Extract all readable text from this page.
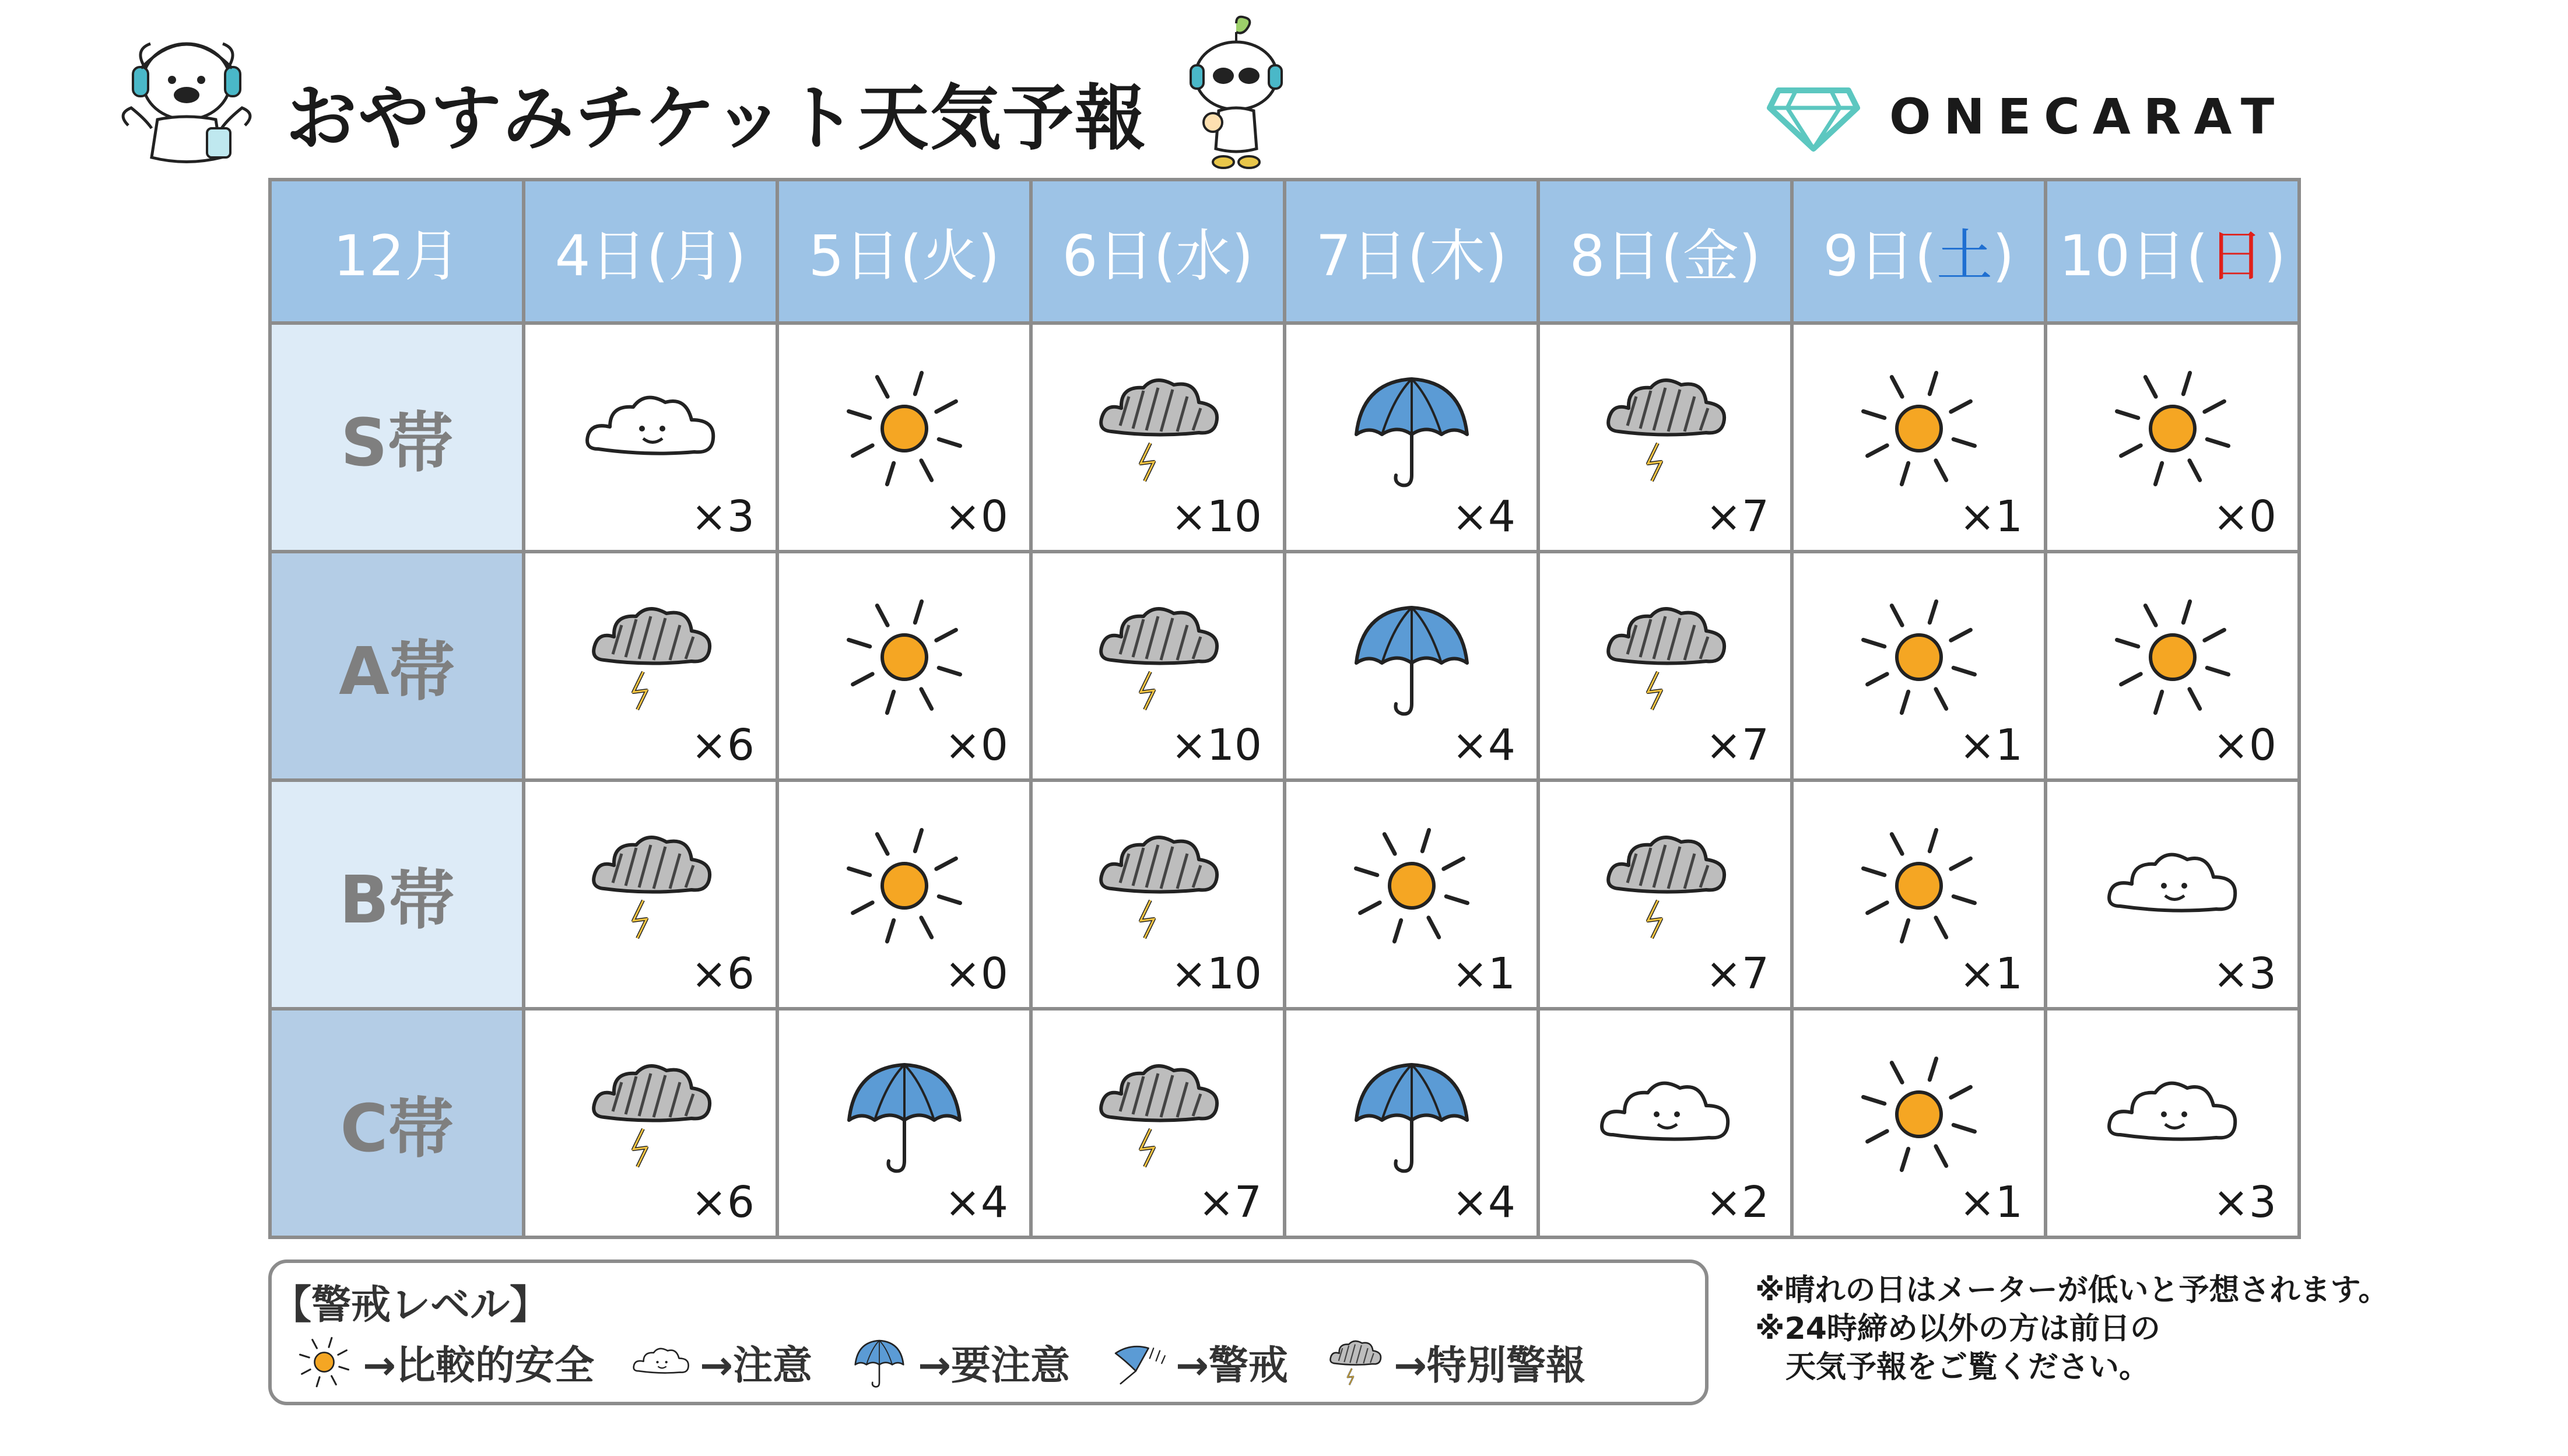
おやすみチケット天気予報	ONECARAT
12月	4日(月)	5日(火)	6日(水)	7日(木)	8日(金)	9日(土)	10日(日)
S帯	×3	×0	×10	×4	×7	×1	×0

A帯	×6	×0	×10	×4	×7	×1	×0

B帯	×6	×0	×10	×1	×7	×1	×3

C帯	×6	×4	×7	×4	×2	×1	×3
【警戒レベル】
→比較的安全	→注意	→要注意	→警戒	→特別警報
※晴れの日はメーターが低いと予想されます。
※24時締め以外の方は前日の
　天気予報をご覧ください。
